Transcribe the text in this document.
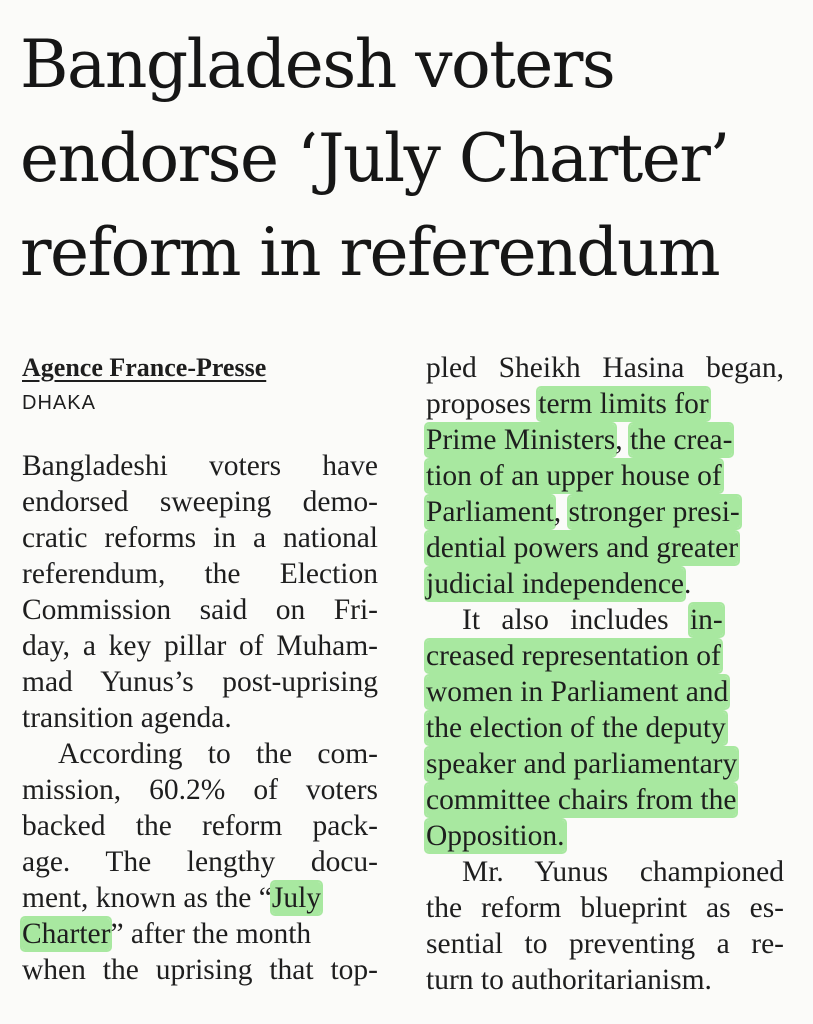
Bangladesh voters
endorse ‘July Charter’
reform in referendum
Agence France-Presse
DHAKA
Bangladeshi voters have
endorsed sweeping demo-
cratic reforms in a national
referendum, the Election
Commission said on Fri-
day, a key pillar of Muham-
mad Yunus’s post-uprising
transition agenda.
According to the com-
mission, 60.2% of voters
backed the reform pack-
age. The lengthy docu-
ment, known as the “July
Charter” after the month
when the uprising that top-
pled Sheikh Hasina began,
proposes term limits for
Prime Ministers, the crea-
tion of an upper house of
Parliament, stronger presi-
dential powers and greater
judicial independence.
It also includes in-
creased representation of
women in Parliament and
the election of the deputy
speaker and parliamentary
committee chairs from the
Opposition.
Mr. Yunus championed
the reform blueprint as es-
sential to preventing a re-
turn to authoritarianism.
